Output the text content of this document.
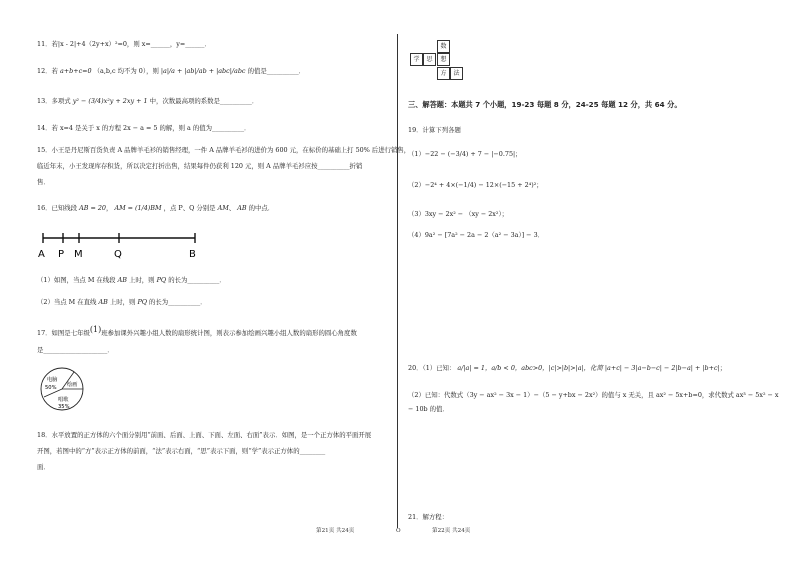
11．若|x - 2|+4（2y+x）²=0，则 x=______，y=______．
12．若 a+b+c=0 （a,b,c 均不为 0），则 |a|/a + |ab|/ab + |abc|/abc 的值是__________．
13．多项式 y² − (3/4)x²y + 2xy + 1 中，次数最高项的系数是__________．
14．若 x=4 是关于 x 的方程 2x − a = 5 的解，则 a 的值为__________．
15．小王是丹尼斯百货负责 A 品牌羊毛衫的销售经理，一件 A 品牌羊毛衫的进价为 600 元，在标价的基础上打 50% 后进行销售，
临近年末，小王发现库存积货，所以决定打折出售，结果每件仍获利 120 元，则 A 品牌羊毛衫应按__________折销
售．
16．已知线段 AB = 20， AM = (1/4)BM ，点 P、Q 分别是 AM、 AB 的中点．
A P M	Q	B
（1）如图，当点 M 在线段 AB 上时，则 PQ 的长为__________．
（2）当点 M 在直线 AB 上时，则 PQ 的长为__________．
17．如图是七年级$^{(1)}$班参加课外兴趣小组人数的扇形统计图，则表示参加绘画兴趣小组人数的扇形的圆心角度数
是____________________．
电脑
50% 绘画
唱歌
35%
18．水平放置的正方体的六个面分别用“前面、后面、上面、下面、左面、右面”表示．如图，是一个正方体的平面开展
开图，若图中的“方”表示正方体的前面，“法”表示右面，“思”表示下面，则“学”表示正方体的________
面．
数
学	思	想
方	法
三、解答题：本题共 7 个小题，19-23 每题 8 分，24-25 每题 12 分，共 64 分。
19．计算下列各题
（1）−22 − (−3/4) + 7 − |−0.75|；
（2）−2⁴ + 4×(−1/4) − 12×(−15 + 2⁴)²；
（3）3xy − 2x² − （xy − 2x²）；
（4）9a² − [7a² − 2a − 2（a² − 3a）] − 3．
20．（1）已知： a/|a| = 1，a/b < 0，abc>0，|c|>|b|>|a|，化简 |a+c| − 3|a−b−c| − 2|b−a| + |b+c|；
（2）已知：代数式（3y − ax² − 3x − 1）−（5 − y+bx − 2x²）的值与 x 无关，且 ax² − 5x+b=0，求代数式 ax³ − 5x² − x
− 10b 的值．
21．解方程：
第21页 共24页	O	第22页 共24页
